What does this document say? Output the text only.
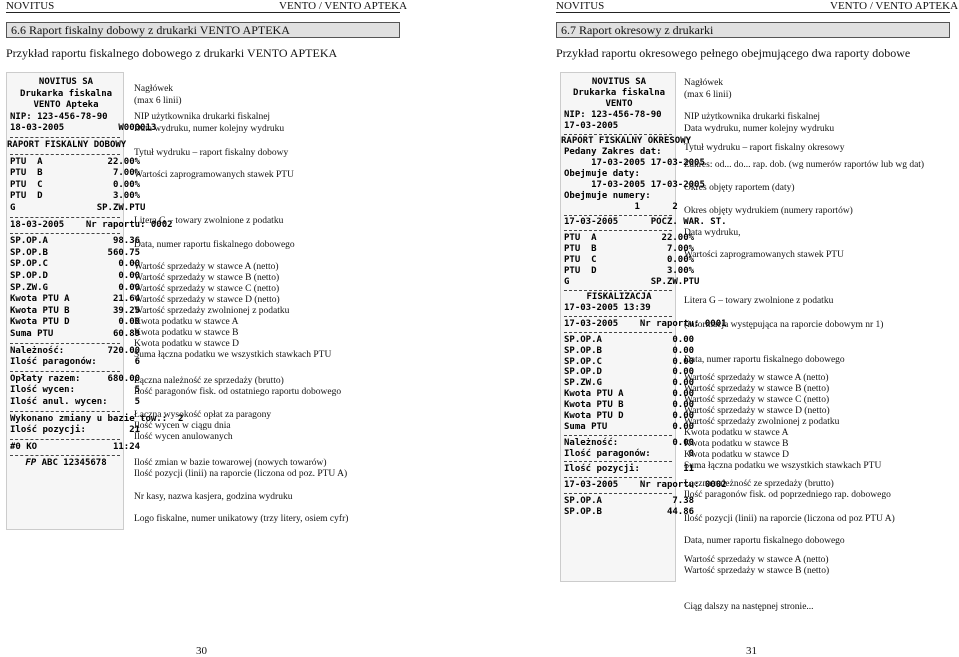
NOVITUS	VENTO / VENTO APTEKA
6.6 Raport fiskalny dobowy z drukarki VENTO APTEKA
Przykład raportu fiskalnego dobowego z drukarki VENTO APTEKA
NOVITUS SA
Drukarka fiskalna
VENTO Apteka
NIP: 123-456-78-90
18-03-2005          W000013
RAPORT FISKALNY DOBOWY
PTU  A            22.00%
PTU  B             7.00%
PTU  C             0.00%
PTU  D             3.00%
G               SP.ZW.PTU
18-03-2005    Nr raportu: 0002
SP.OP.A            98.36
SP.OP.B           560.75
SP.OP.C             0.00
SP.OP.D             0.00
SP.ZW.G             0.00
Kwota PTU A        21.64
Kwota PTU B        39.25
Kwota PTU D         0.00
Suma PTU           60.89
Należność:        720.00
Ilość paragonów:       6
Opłaty razem:     680.00
Ilość wycen:           5
Ilość anul. wycen:     5
Wykonano zmiany u bazie tow.:  2
Ilość pozycji:        21
#0 KO              11:24
FP ABC 12345678
Nagłówek
(max 6 linii)
NIP użytkownika drukarki fiskalnej
Data wydruku, numer kolejny wydruku
Tytuł wydruku – raport fiskalny dobowy
Wartości zaprogramowanych stawek PTU
Litera G – towary zwolnione z podatku
Data, numer raportu fiskalnego dobowego
Wartość sprzedaży w stawce A (netto)
Wartość sprzedaży w stawce B (netto)
Wartość sprzedaży w stawce C (netto)
Wartość sprzedaży w stawce D (netto)
Wartość sprzedaży zwolnionej z podatku
Kwota podatku w stawce A
Kwota podatku w stawce B
Kwota podatku w stawce D
Suma łączna podatku we wszystkich stawkach PTU
Łączna należność ze sprzedaży (brutto)
Ilość paragonów fisk. od ostatniego raportu dobowego
Łączna wysokość opłat za paragony
Ilość wycen w ciągu dnia
Ilość wycen anulowanych
Ilość zmian w bazie towarowej (nowych towarów)
Ilość pozycji (linii) na raporcie (liczona od poz. PTU A)
Nr kasy, nazwa kasjera, godzina wydruku
Logo fiskalne, numer unikatowy (trzy litery, osiem cyfr)
30
NOVITUS	VENTO / VENTO APTEKA
6.7 Raport okresowy z drukarki
Przykład raportu okresowego pełnego obejmującego dwa raporty dobowe
NOVITUS SA
Drukarka fiskalna
VENTO
NIP: 123-456-78-90
17-03-2005
RAPORT FISKALNY OKRESOWY
Pedany Zakres dat:
17-03-2005 17-03-2005
Obejmuje daty:
17-03-2005 17-03-2005
Obejmuje numery:
1      2
17-03-2005      POCZ. WAR. ST.
PTU  A            22.00%
PTU  B             7.00%
PTU  C             0.00%
PTU  D             3.00%
G               SP.ZW.PTU
FISKALIZACJA
17-03-2005 13:39
17-03-2005    Nr raportu: 0001
SP.OP.A             0.00
SP.OP.B             0.00
SP.OP.C             0.00
SP.OP.D             0.00
SP.ZW.G             0.00
Kwota PTU A         0.00
Kwota PTU B         0.00
Kwota PTU D         0.00
Suma PTU            0.00
Należność:          0.00
Ilość paragonów:       0
Ilość pozycji:        11
17-03-2005    Nr raportu: 0002
SP.OP.A             7.38
SP.OP.B            44.86
Nagłówek
(max 6 linii)
NIP użytkownika drukarki fiskalnej
Data wydruku, numer kolejny wydruku
Tytuł wydruku – raport fiskalny okresowy
Zakres: od... do... rap. dob. (wg numerów raportów lub wg dat)
Okres objęty raportem (daty)
Okres objęty wydrukiem (numery raportów)
Data wydruku,
Wartości zaprogramowanych stawek PTU
Litera G – towary zwolnione z podatku
(informacja występująca na raporcie dobowym nr 1)
Data, numer raportu fiskalnego dobowego
Wartość sprzedaży w stawce A (netto)
Wartość sprzedaży w stawce B (netto)
Wartość sprzedaży w stawce C (netto)
Wartość sprzedaży w stawce D (netto)
Wartość sprzedaży zwolnionej z podatku
Kwota podatku w stawce A
Kwota podatku w stawce B
Kwota podatku w stawce D
Suma łączna podatku we wszystkich stawkach PTU
Łączna należność ze sprzedaży (brutto)
Ilość paragonów fisk. od poprzedniego rap. dobowego
Ilość pozycji (linii) na raporcie (liczona od poz PTU A)
Data, numer raportu fiskalnego dobowego
Wartość sprzedaży w stawce A (netto)
Wartość sprzedaży w stawce B (netto)
Ciąg dalszy na następnej stronie...
31
